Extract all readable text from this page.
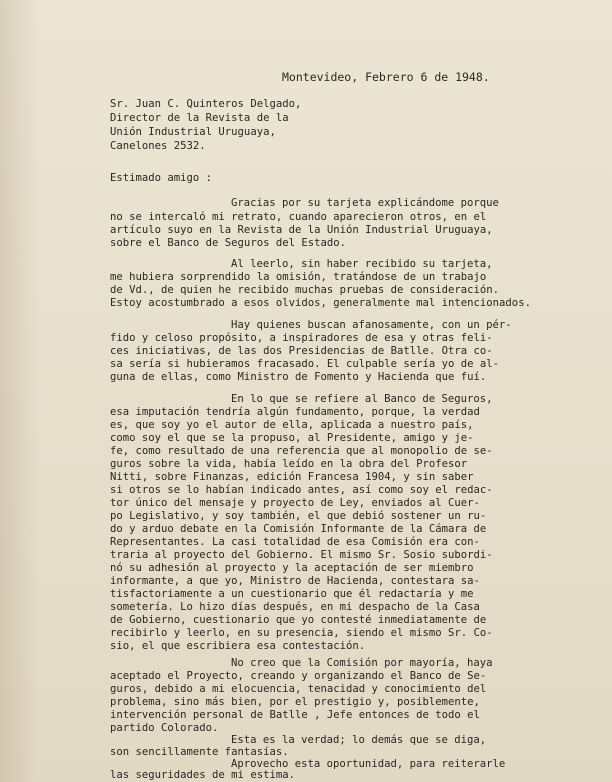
Montevideo, Febrero 6 de 1948.
Sr. Juan C. Quinteros Delgado,
Director de la Revista de la
Unión Industrial Uruguaya,
Canelones 2532.
Estimado amigo :
Gracias por su tarjeta explicándome porque
no se intercaló mi retrato, cuando aparecieron otros, en el
artículo suyo en la Revista de la Unión Industrial Uruguaya,
sobre el Banco de Seguros del Estado.
Al leerlo, sin haber recibido su tarjeta,
me hubiera sorprendido la omisión, tratándose de un trabajo
de Vd., de quien he recibido muchas pruebas de consideración.
Estoy acostumbrado a esos olvidos, generalmente mal intencionados.
Hay quienes buscan afanosamente, con un pér-
fido y celoso propósito, a inspiradores de esa y otras feli-
ces iniciativas, de las dos Presidencias de Batlle. Otra co-
sa sería si hubieramos fracasado. El culpable sería yo de al-
guna de ellas, como Ministro de Fomento y Hacienda que fuí.
En lo que se refiere al Banco de Seguros,
esa imputación tendría algún fundamento, porque, la verdad
es, que soy yo el autor de ella, aplicada a nuestro país,
como soy el que se la propuso, al Presidente, amigo y je-
fe, como resultado de una referencia que al monopolio de se-
guros sobre la vida, había leído en la obra del Profesor
Nitti, sobre Finanzas, edición Francesa 1904, y sin saber
si otros se lo habían indicado antes, así como soy el redac-
tor único del mensaje y proyecto de Ley, enviados al Cuer-
po Legislativo, y soy también, el que debió sostener un ru-
do y arduo debate en la Comisión Informante de la Cámara de
Representantes. La casi totalidad de esa Comisión era con-
traria al proyecto del Gobierno. El mismo Sr. Sosio subordi-
nó su adhesión al proyecto y la aceptación de ser miembro
informante, a que yo, Ministro de Hacienda, contestara sa-
tisfactoriamente a un cuestionario que él redactaría y me
sometería. Lo hizo días después, en mi despacho de la Casa
de Gobierno, cuestionario que yo contesté inmediatamente de
recibirlo y leerlo, en su presencia, siendo el mismo Sr. Co-
sio, el que escribiera esa contestación.
No creo que la Comisión por mayoría, haya
aceptado el Proyecto, creando y organizando el Banco de Se-
guros, debido a mi elocuencia, tenacidad y conocimiento del
problema, sino más bien, por el prestigio y, posiblemente,
intervención personal de Batlle , Jefe entonces de todo el
partido Colorado.
Esta es la verdad; lo demás que se diga,
son sencillamente fantasías.
Aprovecho esta oportunidad, para reiterarle
las seguridades de mi estima.
